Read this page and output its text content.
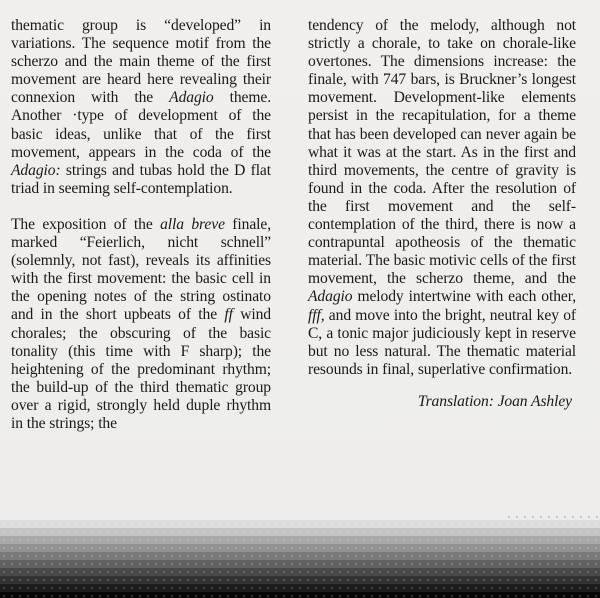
thematic group is “developed” in variations. The sequence motif from the scherzo and the main theme of the first movement are heard here revealing their connexion with the Adagio theme. Another ·type of development of the basic ideas, unlike that of the first movement, appears in the coda of the Adagio: strings and tubas hold the D flat triad in seeming self-contemplation.

The exposition of the alla breve finale, marked “Feierlich, nicht schnell” (solemnly, not fast), reveals its affinities with the first movement: the basic cell in the opening notes of the string ostinato and in the short upbeats of the ff wind chorales; the obscuring of the basic tonality (this time with F sharp); the heightening of the predominant rhythm; the build-up of the third thematic group over a rigid, strongly held duple rhythm in the strings; the

tendency of the melody, although not strictly a chorale, to take on chorale-like overtones. The dimensions increase: the finale, with 747 bars, is Bruckner’s longest movement. Development-like elements persist in the recapitulation, for a theme that has been developed can never again be what it was at the start. As in the first and third movements, the centre of gravity is found in the coda. After the resolution of the first movement and the self-contemplation of the third, there is now a contrapuntal apotheosis of the thematic material. The basic motivic cells of the first movement, the scherzo theme, and the Adagio melody intertwine with each other, fff, and move into the bright, neutral key of C, a tonic major judiciously kept in reserve but no less natural. The thematic material resounds in final, superlative confirmation.

Translation: Joan Ashley
